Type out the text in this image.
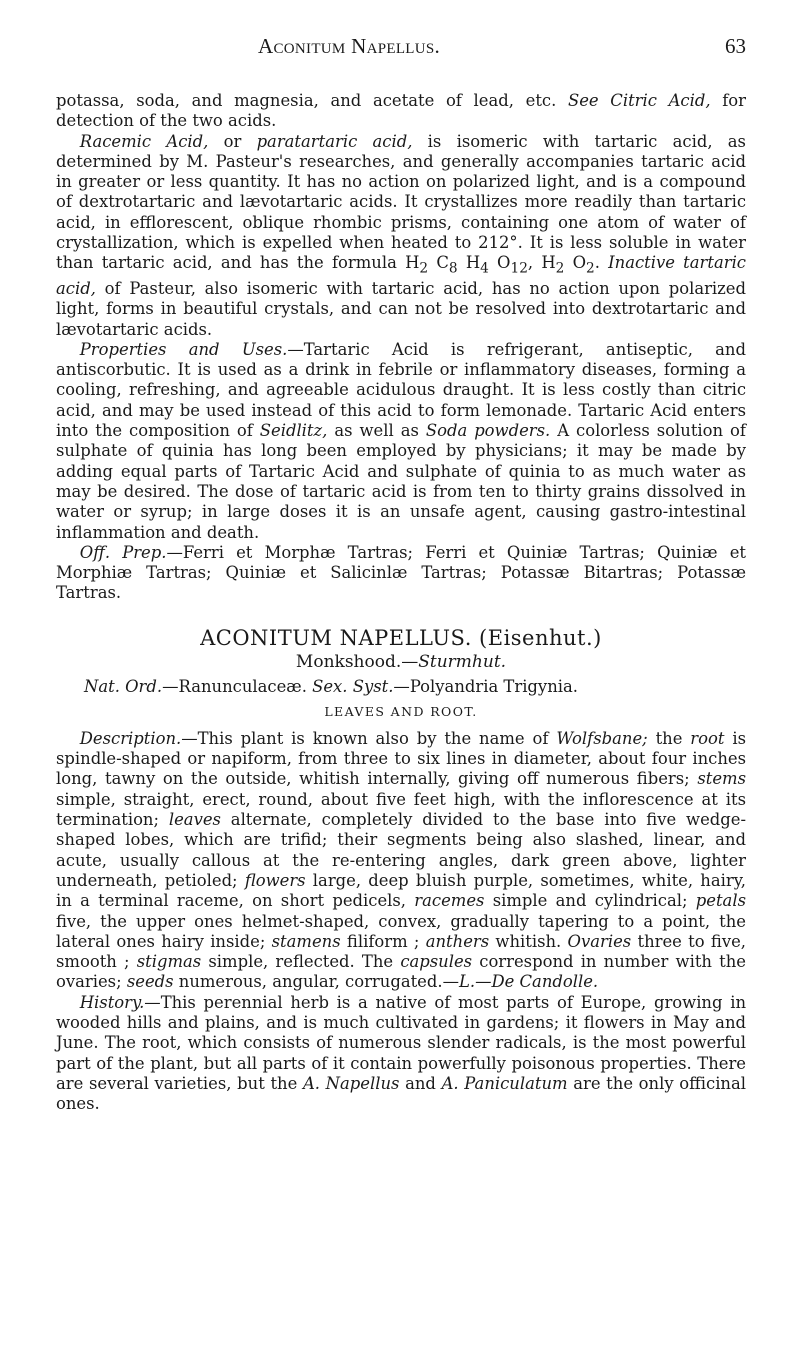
Aconitum Napellus.	63

potassa, soda, and magnesia, and acetate of lead, etc. See Citric Acid, for detection of the two acids.

Racemic Acid, or paratartaric acid, is isomeric with tartaric acid, as determined by M. Pasteur's researches, and generally accompanies tartaric acid in greater or less quantity. It has no action on polarized light, and is a compound of dextrotartaric and lævotartaric acids. It crystallizes more readily than tartaric acid, in efflorescent, oblique rhombic prisms, containing one atom of water of crystallization, which is expelled when heated to 212°. It is less soluble in water than tartaric acid, and has the formula $H_2$ $C_8$ $H_4$ $O_{12}$, $H_2$ $O_2$. Inactive tartaric acid, of Pasteur, also isomeric with tartaric acid, has no action upon polarized light, forms in beautiful crystals, and can not be resolved into dextrotartaric and lævotartaric acids.

Properties and Uses.—Tartaric Acid is refrigerant, antiseptic, and antiscorbutic. It is used as a drink in febrile or inflammatory diseases, forming a cooling, refreshing, and agreeable acidulous draught. It is less costly than citric acid, and may be used instead of this acid to form lemonade. Tartaric Acid enters into the composition of Seidlitz, as well as Soda powders. A colorless solution of sulphate of quinia has long been employed by physicians; it may be made by adding equal parts of Tartaric Acid and sulphate of quinia to as much water as may be desired. The dose of tartaric acid is from ten to thirty grains dissolved in water or syrup; in large doses it is an unsafe agent, causing gastro-intestinal inflammation and death.

Off. Prep.—Ferri et Morphæ Tartras; Ferri et Quiniæ Tartras; Quiniæ et Morphiæ Tartras; Quiniæ et Salicinlæ Tartras; Potassæ Bitartras; Potassæ Tartras.

ACONITUM NAPELLUS. (Eisenhut.)
Monkshood.—Sturmhut.

Nat. Ord.—Ranunculaceæ. Sex. Syst.—Polyandria Trigynia.

LEAVES AND ROOT.

Description.—This plant is known also by the name of Wolfsbane; the root is spindle-shaped or napiform, from three to six lines in diameter, about four inches long, tawny on the outside, whitish internally, giving off numerous fibers; stems simple, straight, erect, round, about five feet high, with the inflorescence at its termination; leaves alternate, completely divided to the base into five wedge-shaped lobes, which are trifid; their segments being also slashed, linear, and acute, usually callous at the re-entering angles, dark green above, lighter underneath, petioled; flowers large, deep bluish purple, sometimes, white, hairy, in a terminal raceme, on short pedicels, racemes simple and cylindrical; petals five, the upper ones helmet-shaped, convex, gradually tapering to a point, the lateral ones hairy inside; stamens filiform ; anthers whitish. Ovaries three to five, smooth ; stigmas simple, reflected. The capsules correspond in number with the ovaries; seeds numerous, angular, corrugated.—L.—De Candolle.

History.—This perennial herb is a native of most parts of Europe, growing in wooded hills and plains, and is much cultivated in gardens; it flowers in May and June. The root, which consists of numerous slender radicals, is the most powerful part of the plant, but all parts of it contain powerfully poisonous properties. There are several varieties, but the A. Napellus and A. Paniculatum are the only officinal ones.
